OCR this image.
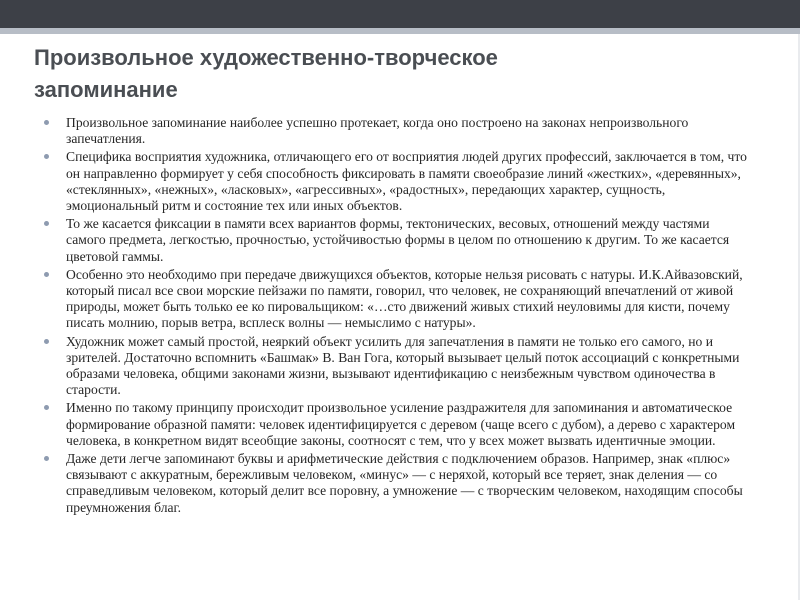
Произвольное художественно-творческое
запоминание
Произвольное запоминание наиболее успешно протекает, когда оно построено на законах непроизвольного запечатления.
Специфика восприятия художника, отличающего его от восприятия людей других профессий, заключается в том, что он направленно формирует у себя способность фиксировать в памяти своеобразие линий «жестких», «деревянных», «стеклянных», «нежных», «ласковых», «агрессивных», «радостных», передающих характер, сущность, эмоциональный ритм и состояние тех или иных объектов.
То же касается фиксации в памяти всех вариантов формы, тектонических, весовых, отношений между частями самого предмета, легкостью, прочностью, устойчивостью формы в целом по отношению к другим. То же касается цветовой гаммы.
Особенно это необходимо при передаче движущихся объектов, которые нельзя рисовать с натуры. И.К.Айвазовский, который писал все свои морские пейзажи по памяти, говорил, что человек, не сохраняющий впечатлений от живой природы, может быть только ее ко пировальщиком: «…сто движений живых стихий неуловимы для кисти, почему писать молнию, порыв ветра, всплеск волны — немыслимо с натуры».
Художник может самый простой, неяркий объект усилить для запечатления в памяти не только его самого, но и зрителей. Достаточно вспомнить «Башмак» В. Ван Гога, который вызывает целый поток ассоциаций с конкретными образами человека, общими законами жизни, вызывают идентификацию с неизбежным чувством одиночества в старости.
Именно по такому принципу происходит произвольное усиление раздражителя для запоминания и автоматическое формирование образной памяти: человек идентифицируется с деревом (чаще всего с дубом), а дерево с характером человека, в конкретном видят всеобщие законы, соотносят с тем, что у всех может вызвать идентичные эмоции.
Даже дети легче запоминают буквы и арифметические действия с подключением образов. Например, знак «плюс» связывают с аккуратным, бережливым человеком, «минус» — с неряхой, который все теряет, знак деления — со справедливым человеком, который делит все поровну, а умножение — с творческим человеком, находящим способы преумножения благ.
